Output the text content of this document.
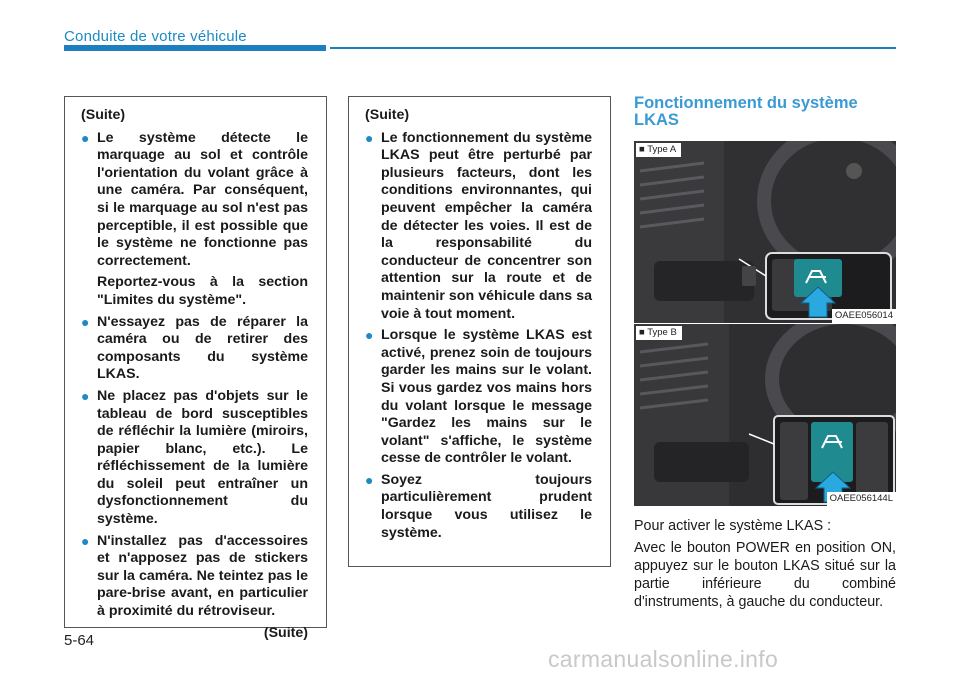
Conduite de votre véhicule
(Suite)
● Le système détecte le marquage au sol et contrôle l'orientation du volant grâce à une caméra. Par conséquent, si le marquage au sol n'est pas perceptible, il est possible que le système ne fonctionne pas correctement.
Reportez-vous à la section "Limites du système".
● N'essayez pas de réparer la caméra ou de retirer des composants du système LKAS.
● Ne placez pas d'objets sur le tableau de bord susceptibles de réfléchir la lumière (miroirs, papier blanc, etc.). Le réfléchissement de la lumière du soleil peut entraîner un dysfonctionnement du système.
● N'installez pas d'accessoires et n'apposez pas de stickers sur la caméra. Ne teintez pas le pare-brise avant, en particulier à proximité du rétroviseur.
(Suite)
(Suite)
● Le fonctionnement du système LKAS peut être perturbé par plusieurs facteurs, dont les conditions environnantes, qui peuvent empêcher la caméra de détecter les voies. Il est de la responsabilité du conducteur de concentrer son attention sur la route et de maintenir son véhicule dans sa voie à tout moment.
● Lorsque le système LKAS est activé, prenez soin de toujours garder les mains sur le volant. Si vous gardez vos mains hors du volant lorsque le message "Gardez les mains sur le volant" s'affiche, le système cesse de contrôler le volant.
● Soyez toujours particulièrement prudent lorsque vous utilisez le système.
Fonctionnement du système LKAS
■ Type A
OAEE056014
■ Type B
OAEE056144L
Pour activer le système LKAS :
Avec le bouton POWER en position ON, appuyez sur le bouton LKAS situé sur la partie inférieure du combiné d'instruments, à gauche du conducteur.
5-64
carmanualsonline.info
